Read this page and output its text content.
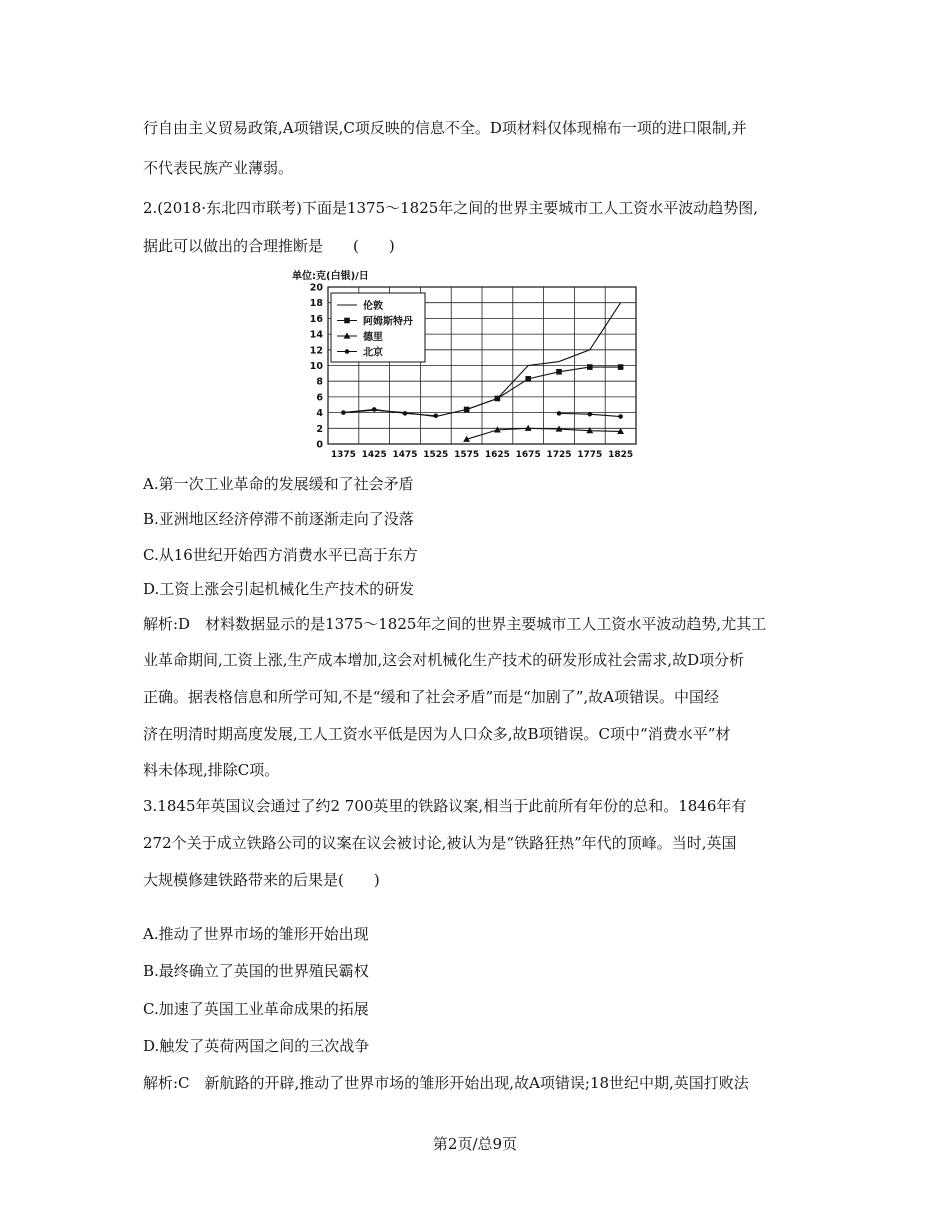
行自由主义贸易政策,A项错误,C项反映的信息不全。D项材料仅体现棉布一项的进口限制,并
不代表民族产业薄弱。
2.(2018·东北四市联考)下面是1375～1825年之间的世界主要城市工人工资水平波动趋势图,
据此可以做出的合理推断是　　(　　)
A.第一次工业革命的发展缓和了社会矛盾
B.亚洲地区经济停滞不前逐渐走向了没落
C.从16世纪开始西方消费水平已高于东方
D.工资上涨会引起机械化生产技术的研发
解析:D　材料数据显示的是1375～1825年之间的世界主要城市工人工资水平波动趋势,尤其工
业革命期间,工资上涨,生产成本增加,这会对机械化生产技术的研发形成社会需求,故D项分析
正确。据表格信息和所学可知,不是“缓和了社会矛盾”而是“加剧了”,故A项错误。中国经
济在明清时期高度发展,工人工资水平低是因为人口众多,故B项错误。C项中“消费水平”材
料未体现,排除C项。
3.1845年英国议会通过了约2 700英里的铁路议案,相当于此前所有年份的总和。1846年有
272个关于成立铁路公司的议案在议会被讨论,被认为是“铁路狂热”年代的顶峰。当时,英国
大规模修建铁路带来的后果是(　　)
A.推动了世界市场的雏形开始出现
B.最终确立了英国的世界殖民霸权
C.加速了英国工业革命成果的拓展
D.触发了英荷两国之间的三次战争
解析:C　新航路的开辟,推动了世界市场的雏形开始出现,故A项错误;18世纪中期,英国打败法
单位:克(白银)/日
0
2
4
6
8
10
12
14
16
18
20
1375 1425 1475 1525 1575 1625 1675 1725 1775 1825
伦敦
阿姆斯特丹
德里
北京
第2页/总9页
